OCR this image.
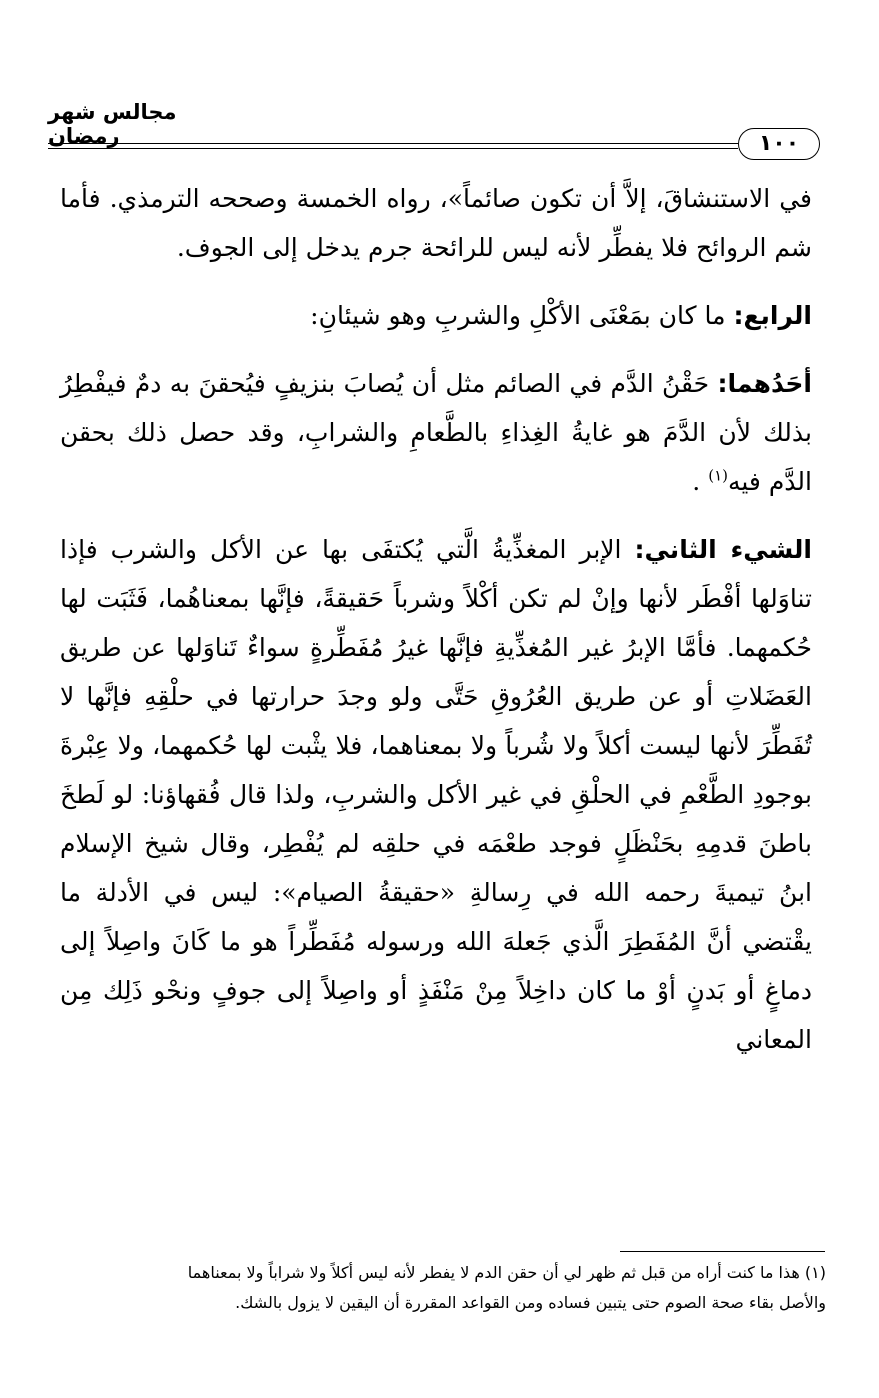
مجالس شهر رمضان	١٠٠

في الاستنشاقَ، إلاَّ أن تكون صائماً»، رواه الخمسة وصححه الترمذي. فأما شم الروائح فلا يفطِّر لأنه ليس للرائحة جرم يدخل إلى الجوف.

الرابع: ما كان بمَعْنَى الأكْلِ والشربِ وهو شيئانِ:

أحَدُهما: حَقْنُ الدَّم في الصائم مثل أن يُصابَ بنزيفٍ فيُحقنَ به دمٌ فيفْطِرُ بذلك لأن الدَّمَ هو غايةُ الغِذاءِ بالطَّعامِ والشرابِ، وقد حصل ذلك بحقن الدَّم فيه$^{(١)}$ .

الشيء الثاني: الإبر المغذِّيةُ الَّتي يُكتفَى بها عن الأكل والشرب فإذا تناوَلها أفْطَر لأنها وإنْ لم تكن أكْلاً وشرباً حَقيقةً، فإنَّها بمعناهُما، فَثَبَت لها حُكمهما. فأمَّا الإبرُ غير المُغذِّيةِ فإنَّها غيرُ مُفَطِّرةٍ سواءٌ تَناوَلها عن طريق العَضَلاتِ أو عن طريق العُرُوقِ حَتَّى ولو وجدَ حرارتها في حلْقِهِ فإنَّها لا تُفَطِّرَ لأنها ليست أكلاً ولا شُرباً ولا بمعناهما، فلا يثْبت لها حُكمهما، ولا عِبْرةَ بوجودِ الطَّعْمِ في الحلْقِ في غير الأكل والشربِ، ولذا قال فُقهاؤنا: لو لَطخَ باطنَ قدمِهِ بحَنْظَلٍ فوجد طعْمَه في حلقِه لم يُفْطِر، وقال شيخ الإسلام ابنُ تيميةَ رحمه الله في رِسالةِ «حقيقةُ الصيام»: ليس في الأدلة ما يقْتضي أنَّ المُفَطِرَ الَّذي جَعلهَ الله ورسوله مُفَطِّراً هو ما كَانَ واصِلاً إلى دماغٍ أو بَدنٍ أوْ ما كان داخِلاً مِنْ مَنْفَذٍ أو واصِلاً إلى جوفٍ ونحْو ذَلِك مِن المعاني

(١) هذا ما كنت أراه من قبل ثم ظهر لي أن حقن الدم لا يفطر لأنه ليس أكلاً ولا شراباً ولا بمعناهما

والأصل بقاء صحة الصوم حتى يتبين فساده ومن القواعد المقررة أن اليقين لا يزول بالشك.
